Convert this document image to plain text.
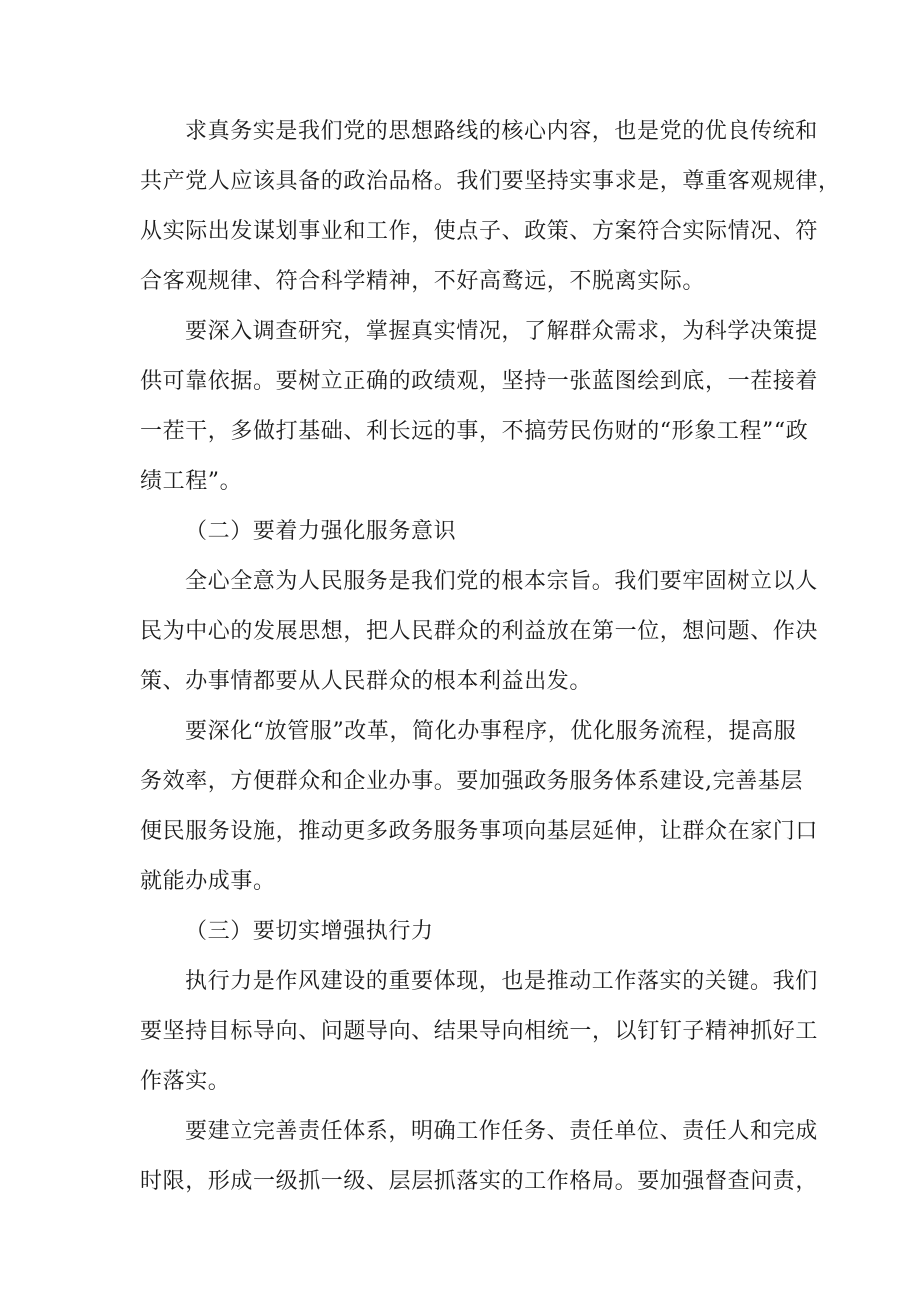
求真务实是我们党的思想路线的核心内容，也是党的优良传统和
共产党人应该具备的政治品格。我们要坚持实事求是，尊重客观规律，
从实际出发谋划事业和工作，使点子、政策、方案符合实际情况、符
合客观规律、符合科学精神，不好高鹜远，不脱离实际。
要深入调查研究，掌握真实情况，了解群众需求，为科学决策提
供可靠依据。要树立正确的政绩观，坚持一张蓝图绘到底，一茬接着
一茬干，多做打基础、利长远的事，不搞劳民伤财的“形象工程”“政
绩工程”。
（二）要着力强化服务意识
全心全意为人民服务是我们党的根本宗旨。我们要牢固树立以人
民为中心的发展思想，把人民群众的利益放在第一位，想问题、作决
策、办事情都要从人民群众的根本利益出发。
要深化“放管服”改革，简化办事程序，优化服务流程，提高服
务效率，方便群众和企业办事。要加强政务服务体系建设,完善基层
便民服务设施，推动更多政务服务事项向基层延伸，让群众在家门口
就能办成事。
（三）要切实增强执行力
执行力是作风建设的重要体现，也是推动工作落实的关键。我们
要坚持目标导向、问题导向、结果导向相统一，以钉钉子精神抓好工
作落实。
要建立完善责任体系，明确工作任务、责任单位、责任人和完成
时限，形成一级抓一级、层层抓落实的工作格局。要加强督查问责，
